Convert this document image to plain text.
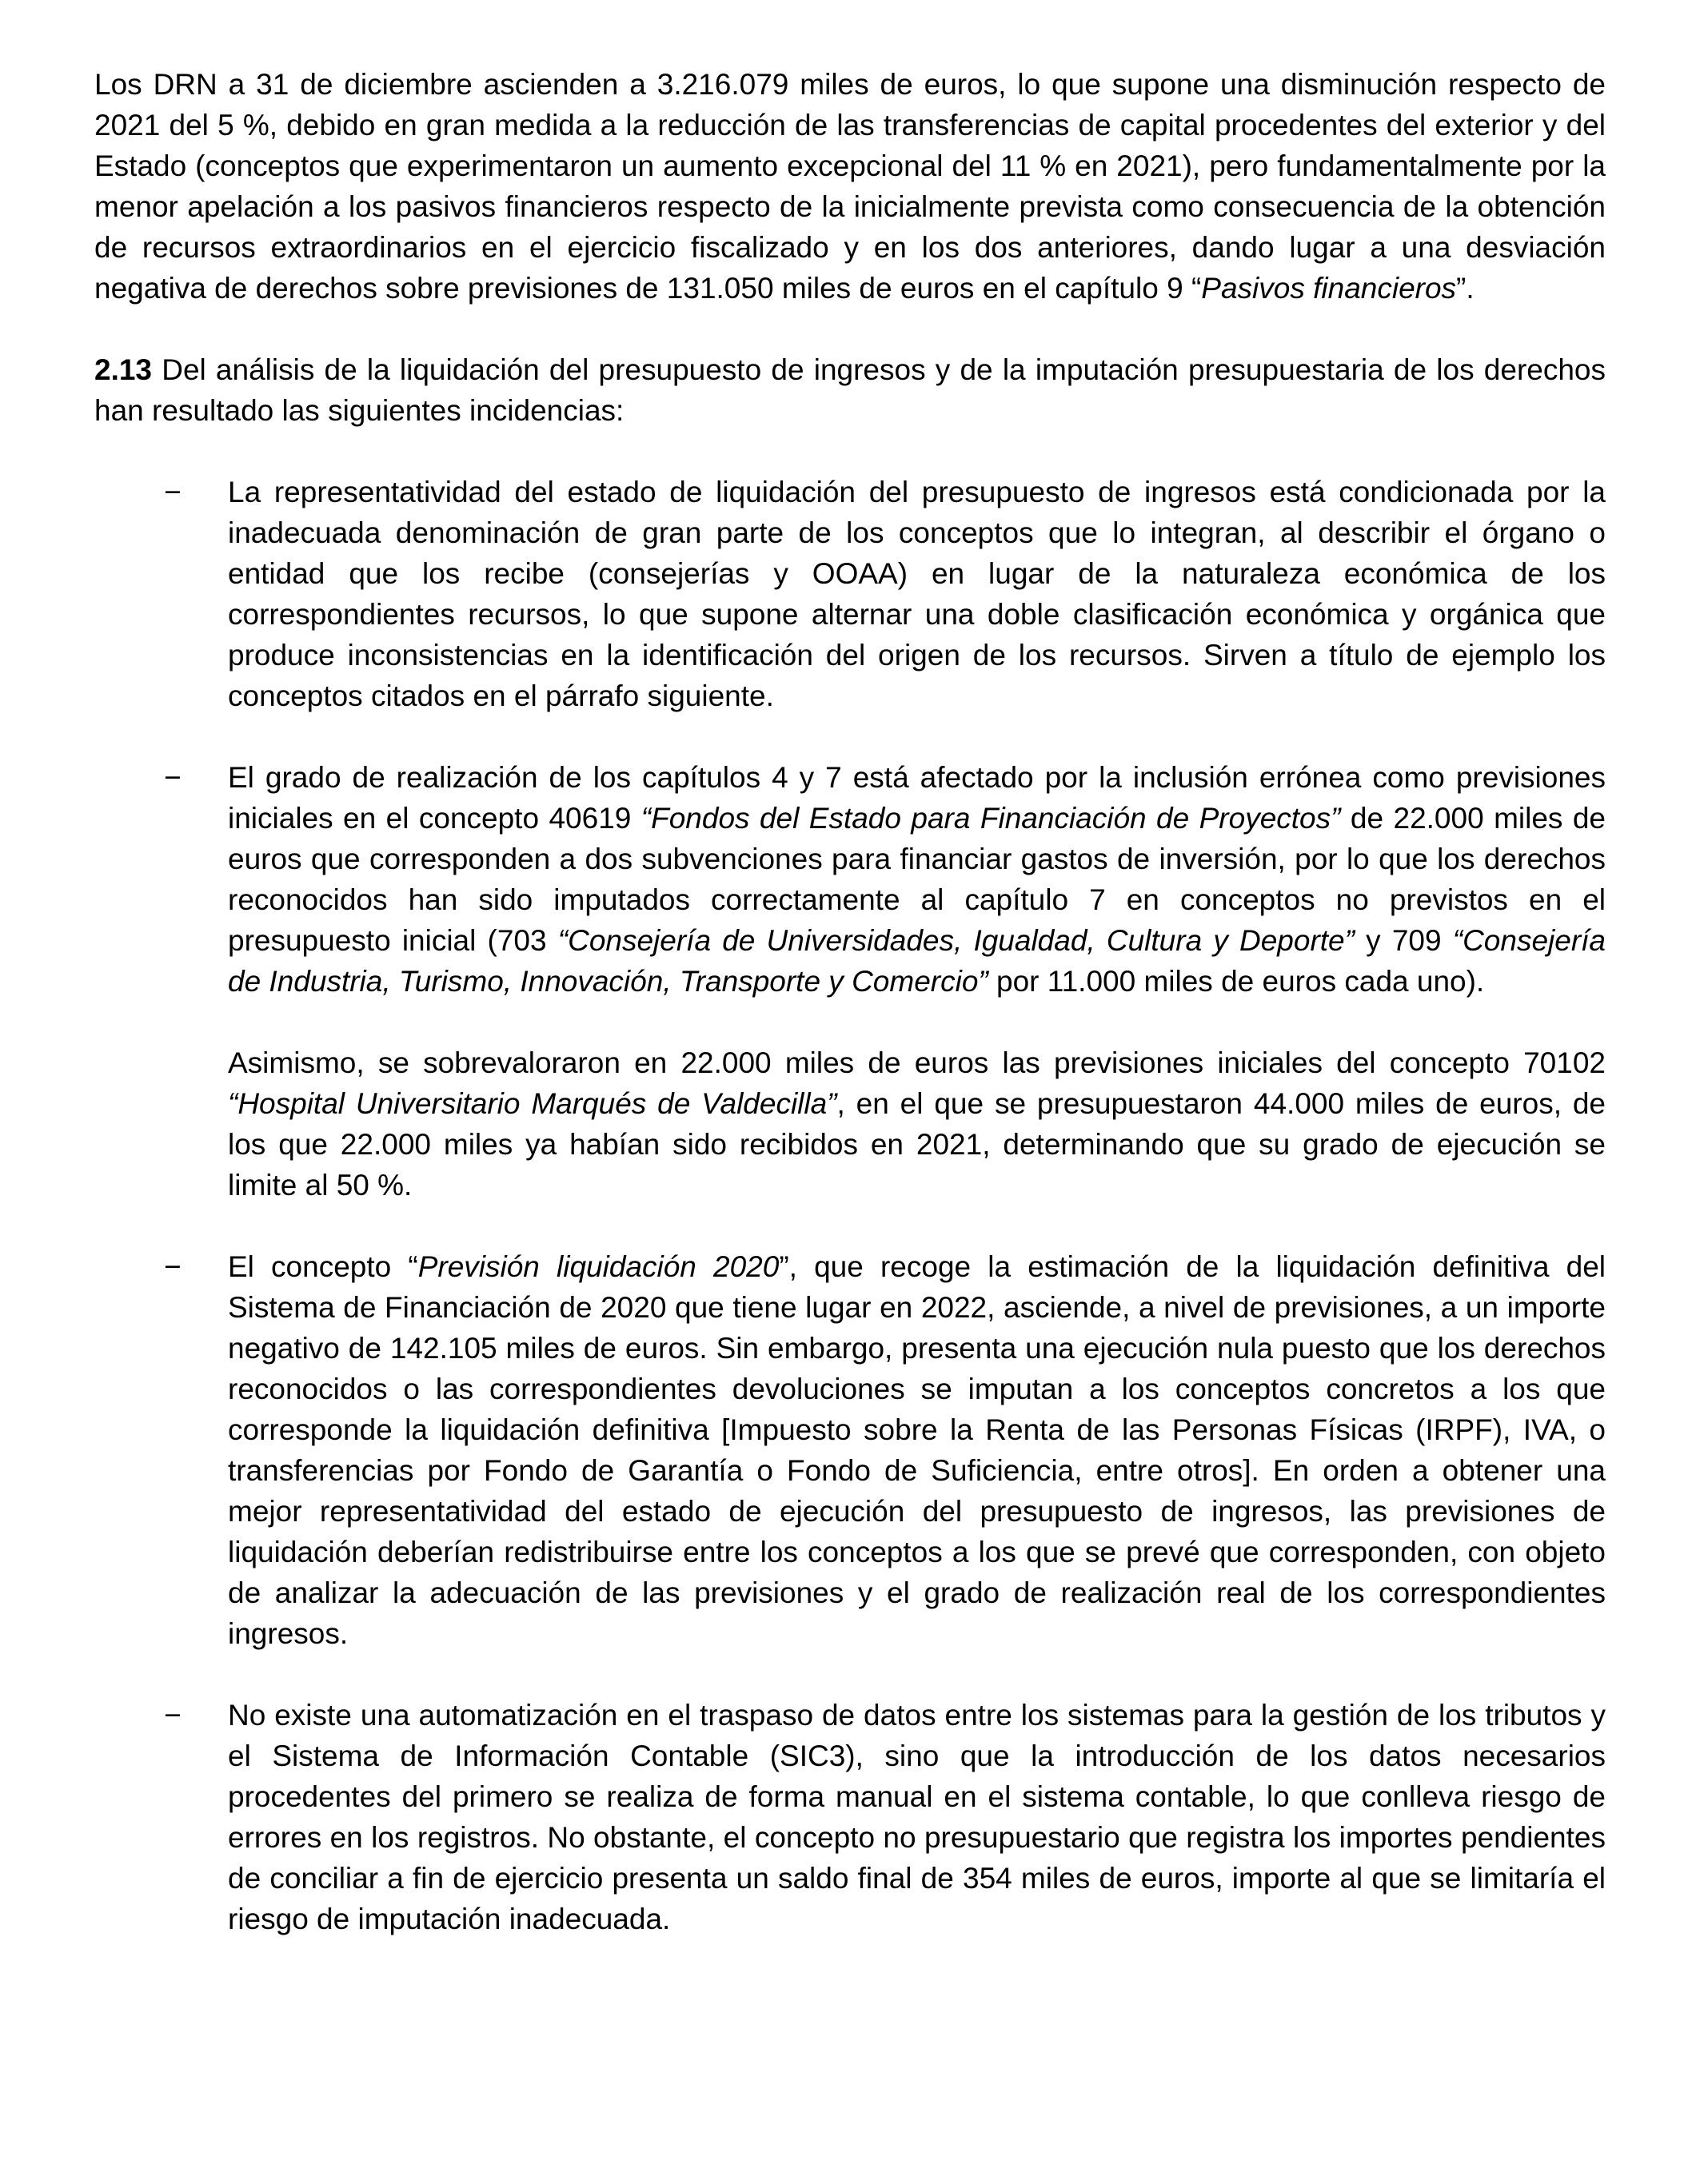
Los DRN a 31 de diciembre ascienden a 3.216.079 miles de euros, lo que supone una disminución respecto de 2021 del 5 %, debido en gran medida a la reducción de las transferencias de capital procedentes del exterior y del Estado (conceptos que experimentaron un aumento excepcional del 11 % en 2021), pero fundamentalmente por la menor apelación a los pasivos financieros respecto de la inicialmente prevista como consecuencia de la obtención de recursos extraordinarios en el ejercicio fiscalizado y en los dos anteriores, dando lugar a una desviación negativa de derechos sobre previsiones de 131.050 miles de euros en el capítulo 9 “Pasivos financieros”.

2.13 Del análisis de la liquidación del presupuesto de ingresos y de la imputación presupuestaria de los derechos han resultado las siguientes incidencias:

− La representatividad del estado de liquidación del presupuesto de ingresos está condicionada por la inadecuada denominación de gran parte de los conceptos que lo integran, al describir el órgano o entidad que los recibe (consejerías y OOAA) en lugar de la naturaleza económica de los correspondientes recursos, lo que supone alternar una doble clasificación económica y orgánica que produce inconsistencias en la identificación del origen de los recursos. Sirven a título de ejemplo los conceptos citados en el párrafo siguiente.
− El grado de realización de los capítulos 4 y 7 está afectado por la inclusión errónea como previsiones iniciales en el concepto 40619 “Fondos del Estado para Financiación de Proyectos” de 22.000 miles de euros que corresponden a dos subvenciones para financiar gastos de inversión, por lo que los derechos reconocidos han sido imputados correctamente al capítulo 7 en conceptos no previstos en el presupuesto inicial (703 “Consejería de Universidades, Igualdad, Cultura y Deporte” y 709 “Consejería de Industria, Turismo, Innovación, Transporte y Comercio” por 11.000 miles de euros cada uno).

Asimismo, se sobrevaloraron en 22.000 miles de euros las previsiones iniciales del concepto 70102 “Hospital Universitario Marqués de Valdecilla”, en el que se presupuestaron 44.000 miles de euros, de los que 22.000 miles ya habían sido recibidos en 2021, determinando que su grado de ejecución se limite al 50 %.

− El concepto “Previsión liquidación 2020”, que recoge la estimación de la liquidación definitiva del Sistema de Financiación de 2020 que tiene lugar en 2022, asciende, a nivel de previsiones, a un importe negativo de 142.105 miles de euros. Sin embargo, presenta una ejecución nula puesto que los derechos reconocidos o las correspondientes devoluciones se imputan a los conceptos concretos a los que corresponde la liquidación definitiva [Impuesto sobre la Renta de las Personas Físicas (IRPF), IVA, o transferencias por Fondo de Garantía o Fondo de Suficiencia, entre otros]. En orden a obtener una mejor representatividad del estado de ejecución del presupuesto de ingresos, las previsiones de liquidación deberían redistribuirse entre los conceptos a los que se prevé que corresponden, con objeto de analizar la adecuación de las previsiones y el grado de realización real de los correspondientes ingresos.
− No existe una automatización en el traspaso de datos entre los sistemas para la gestión de los tributos y el Sistema de Información Contable (SIC3), sino que la introducción de los datos necesarios procedentes del primero se realiza de forma manual en el sistema contable, lo que conlleva riesgo de errores en los registros. No obstante, el concepto no presupuestario que registra los importes pendientes de conciliar a fin de ejercicio presenta un saldo final de 354 miles de euros, importe al que se limitaría el riesgo de imputación inadecuada.
